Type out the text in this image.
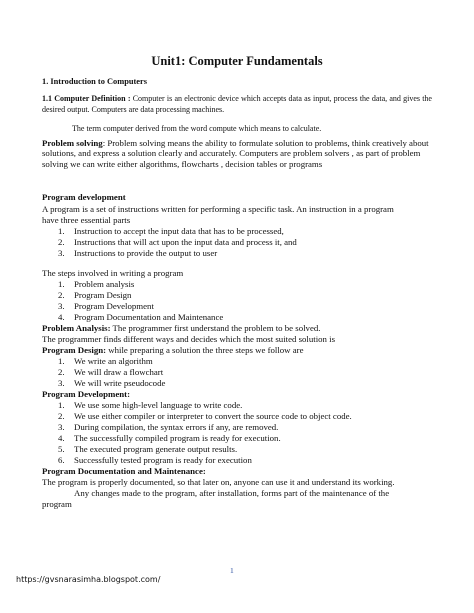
Unit1: Computer Fundamentals
1. Introduction to Computers
1.1 Computer Definition : Computer is an electronic device which accepts data as input, process the data, and gives the desired output. Computers are data processing machines.
The term computer derived from the word compute which means to calculate.
Problem solving: Problem solving means the ability to formulate solution to problems, think creatively about solutions, and express a solution clearly and accurately. Computers are problem solvers , as part of problem solving we can write either algorithms, flowcharts , decision tables or programs
Program development
A program is a set of instructions written for performing a specific task. An instruction in a program
have three essential parts
1. Instruction to accept the input data that has to be processed,
2. Instructions that will act upon the input data and process it, and
3. Instructions to provide the output to user
The steps involved in writing a program
1. Problem analysis
2. Program Design
3. Program Development
4. Program Documentation and Maintenance
Problem Analysis: The programmer first understand the problem to be solved.
The programmer finds different ways and decides which the most suited solution is
Program Design: while preparing a solution the three steps we follow are
1. We write an algorithm
2. We will draw a flowchart
3. We will write pseudocode
Program Development:
1. We use some high-level language to write code.
2. We use either compiler or interpreter to convert the source code to object code.
3. During compilation, the syntax errors if any, are removed.
4. The successfully compiled program is ready for execution.
5. The executed program generate output results.
6. Successfully tested program is ready for execution
Program Documentation and Maintenance:
The program is properly documented, so that later on, anyone can use it and understand its working.
Any changes made to the program, after installation, forms part of the maintenance of the
program
1
https://gvsnarasimha.blogspot.com/
